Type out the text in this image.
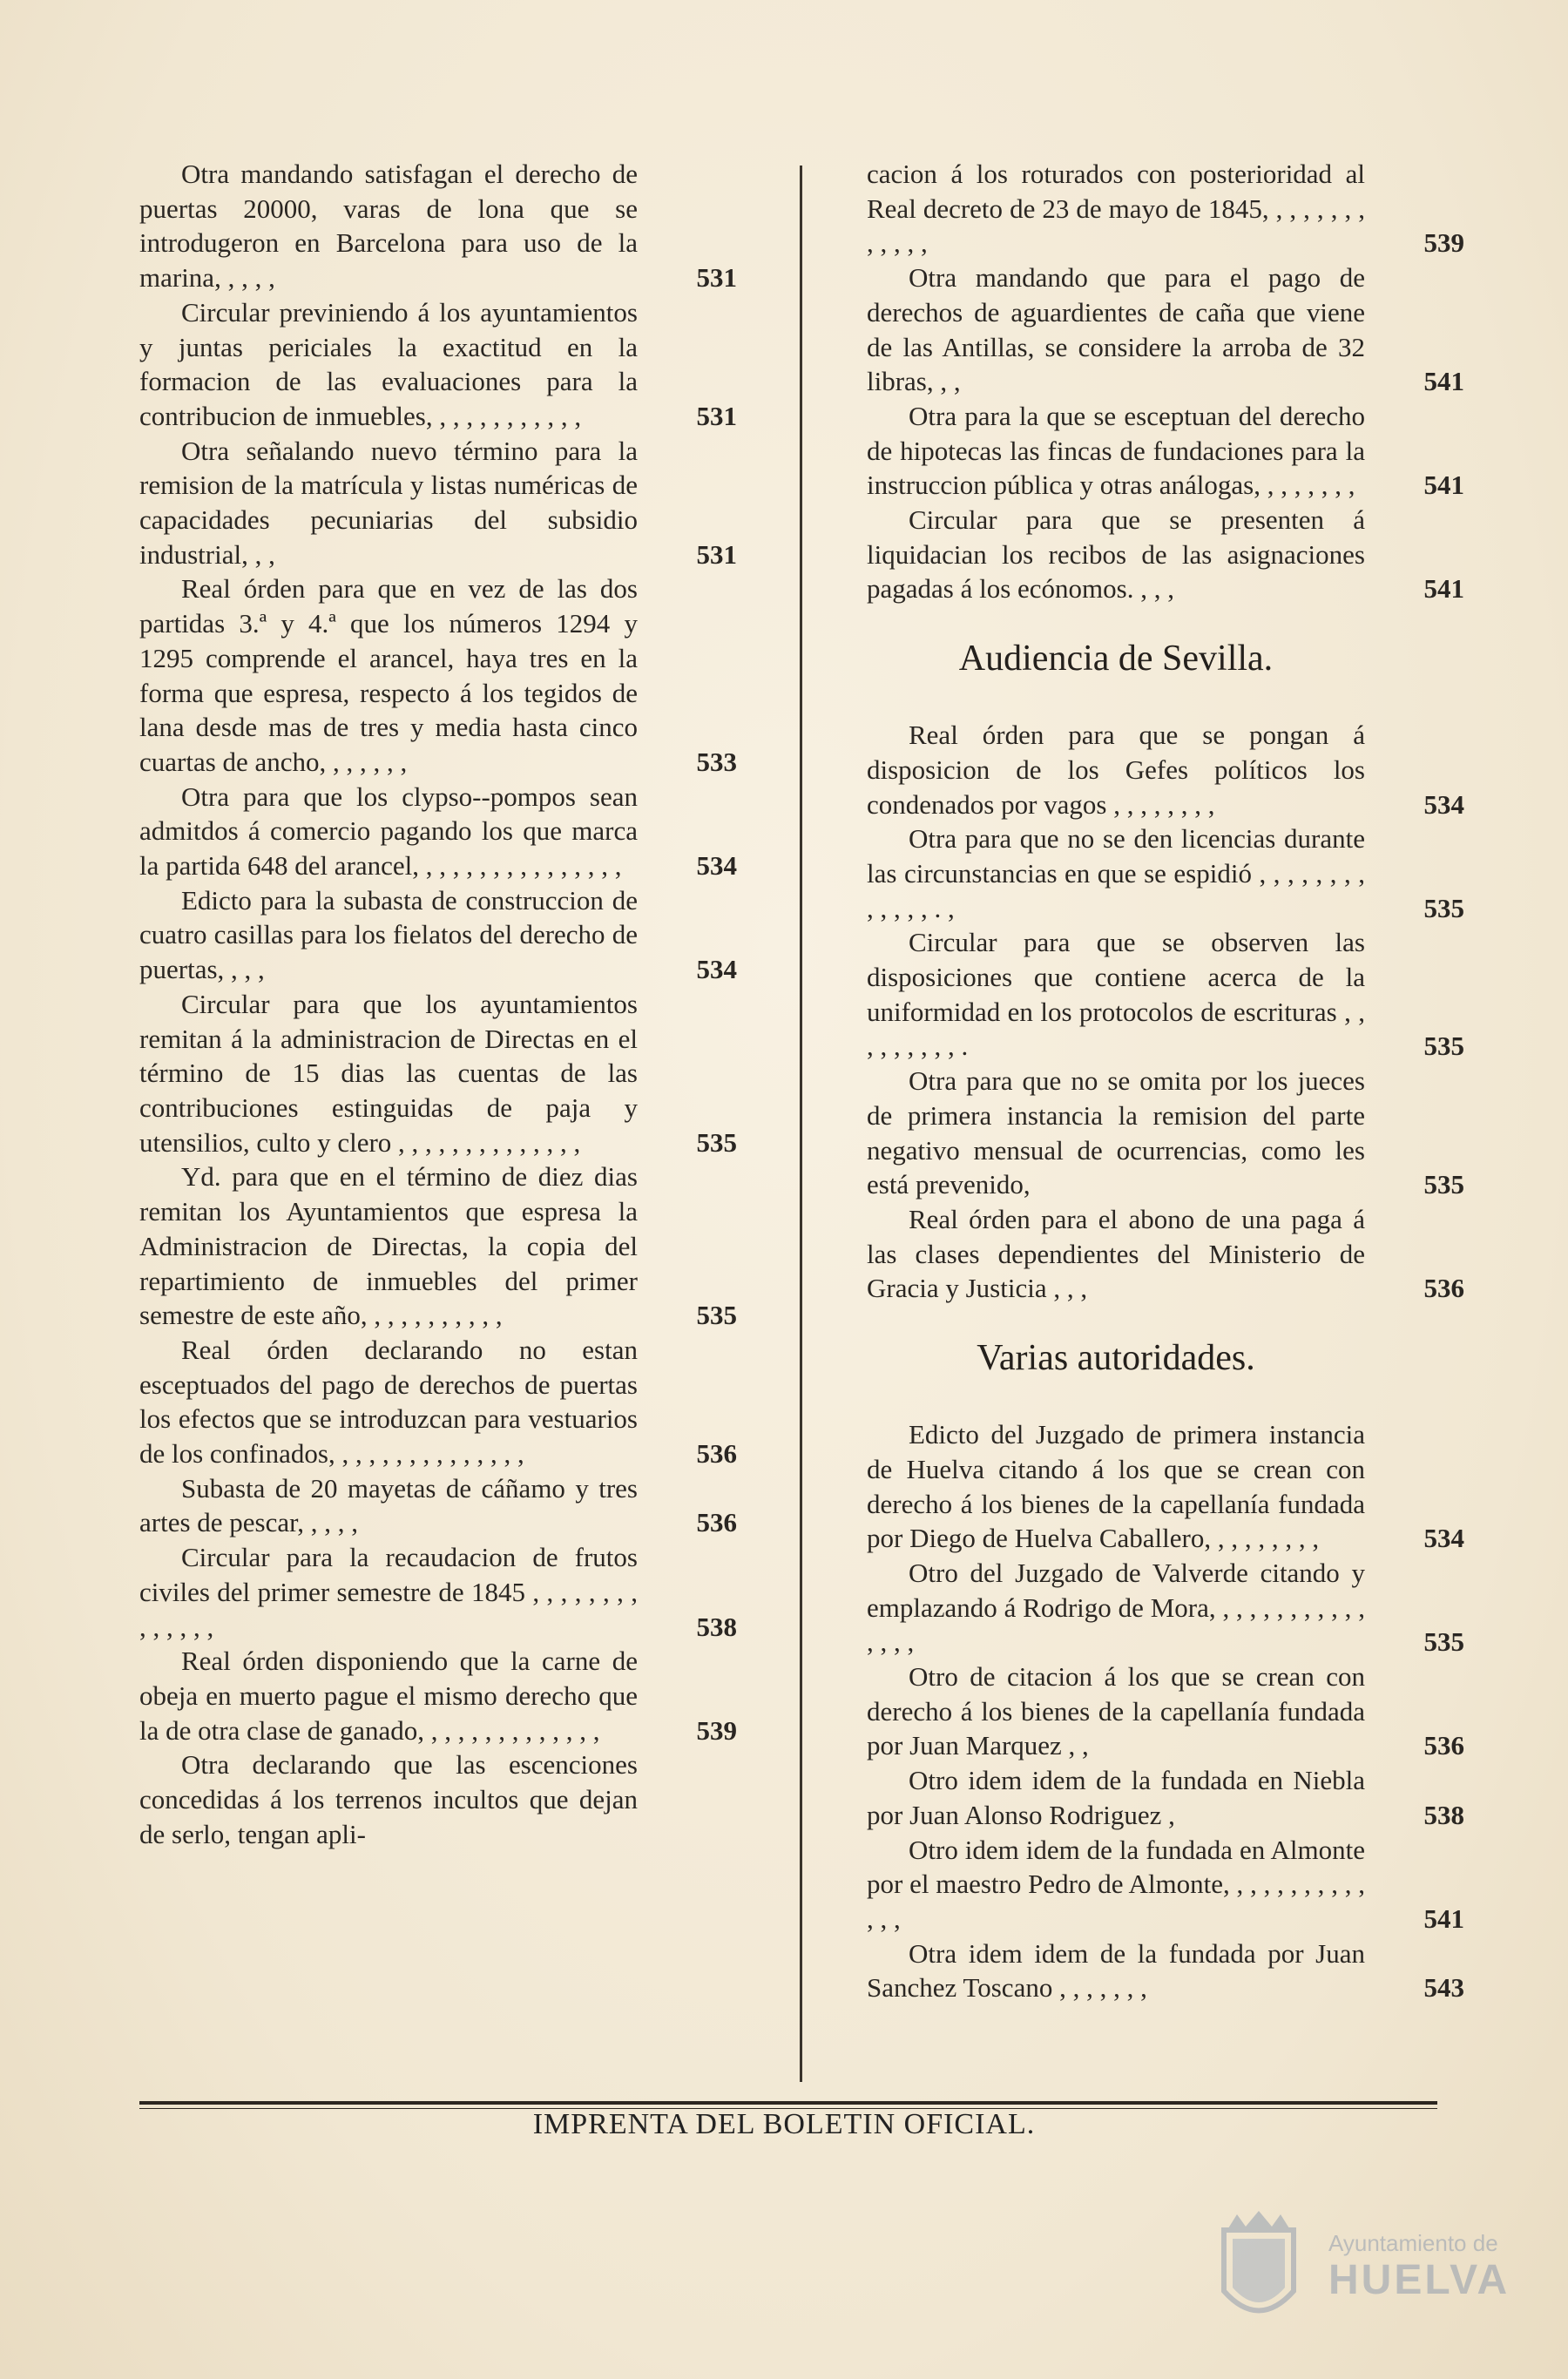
Otra mandando satisfagan el derecho de puertas 20000, varas de lona que se introdugeron en Barcelona para uso de la marina, , , , ,	531

Circular previniendo á los ayuntamientos y juntas periciales la exactitud en la formacion de las evaluaciones para la contribucion de inmuebles, , , , , , , , , , , ,	531

Otra señalando nuevo término para la remision de la matrícula y listas numéricas de capacidades pecuniarias del subsidio industrial, , ,	531

Real órden para que en vez de las dos partidas 3.ª y 4.ª que los números 1294 y 1295 comprende el arancel, haya tres en la forma que espresa, respecto á los tegidos de lana desde mas de tres y media hasta cinco cuartas de ancho, , , , , , ,	533

Otra para que los clypso--pompos sean admitdos á comercio pagando los que marca la partida 648 del arancel, , , , , , , , , , , , , , , ,	534

Edicto para la subasta de construccion de cuatro casillas para los fielatos del derecho de puertas, , , ,	534

Circular para que los ayuntamientos remitan á la administracion de Directas en el término de 15 dias las cuentas de las contribuciones estinguidas de paja y utensilios, culto y clero , , , , , , , , , , , , , ,	535

Yd. para que en el término de diez dias remitan los Ayuntamientos que espresa la Administracion de Directas, la copia del repartimiento de inmuebles del primer semestre de este año, , , , , , , , , , ,	535

Real órden declarando no estan esceptuados del pago de derechos de puertas los efectos que se introduzcan para vestuarios de los confinados, , , , , , , , , , , , , , ,	536

Subasta de 20 mayetas de cáñamo y tres artes de pescar, , , , ,	536

Circular para la recaudacion de frutos civiles del primer semestre de 1845 , , , , , , , , , , , , , ,	538

Real órden disponiendo que la carne de obeja en muerto pague el mismo derecho que la de otra clase de ganado, , , , , , , , , , , , , ,	539

Otra declarando que las escenciones concedidas á los terrenos incultos que dejan de serlo, tengan apli-

cacion á los roturados con posterioridad al Real decreto de 23 de mayo de 1845, , , , , , , , , , , , ,	539

Otra mandando que para el pago de derechos de aguardientes de caña que viene de las Antillas, se considere la arroba de 32 libras, , ,	541

Otra para la que se esceptuan del derecho de hipotecas las fincas de fundaciones para la instruccion pública y otras análogas, , , , , , , ,	541

Circular para que se presenten á liquidacian los recibos de las asignaciones pagadas á los ecónomos. , , ,	541

Audiencia de Sevilla.

Real órden para que se pongan á disposicion de los Gefes políticos los condenados por vagos , , , , , , , ,	534

Otra para que no se den licencias durante las circunstancias en que se espidió , , , , , , , , , , , , , . ,	535

Circular para que se observen las disposiciones que contiene acerca de la uniformidad en los protocolos de escrituras , , , , , , , , , .	535

Otra para que no se omita por los jueces de primera instancia la remision del parte negativo mensual de ocurrencias, como les está prevenido,	535

Real órden para el abono de una paga á las clases dependientes del Ministerio de Gracia y Justicia , , ,	536

Varias autoridades.

Edicto del Juzgado de primera instancia de Huelva citando á los que se crean con derecho á los bienes de la capellanía fundada por Diego de Huelva Caballero, , , , , , , , ,	534

Otro del Juzgado de Valverde citando y emplazando á Rodrigo de Mora, , , , , , , , , , , , , , , ,	535

Otro de citacion á los que se crean con derecho á los bienes de la capellanía fundada por Juan Marquez , ,	536

Otro idem idem de la fundada en Niebla por Juan Alonso Rodriguez ,	538

Otro idem idem de la fundada en Almonte por el maestro Pedro de Almonte, , , , , , , , , , , , , ,	541

Otra idem idem de la fundada por Juan Sanchez Toscano , , , , , , ,	543

IMPRENTA DEL BOLETIN OFICIAL.
Ayuntamiento de
HUELVA
